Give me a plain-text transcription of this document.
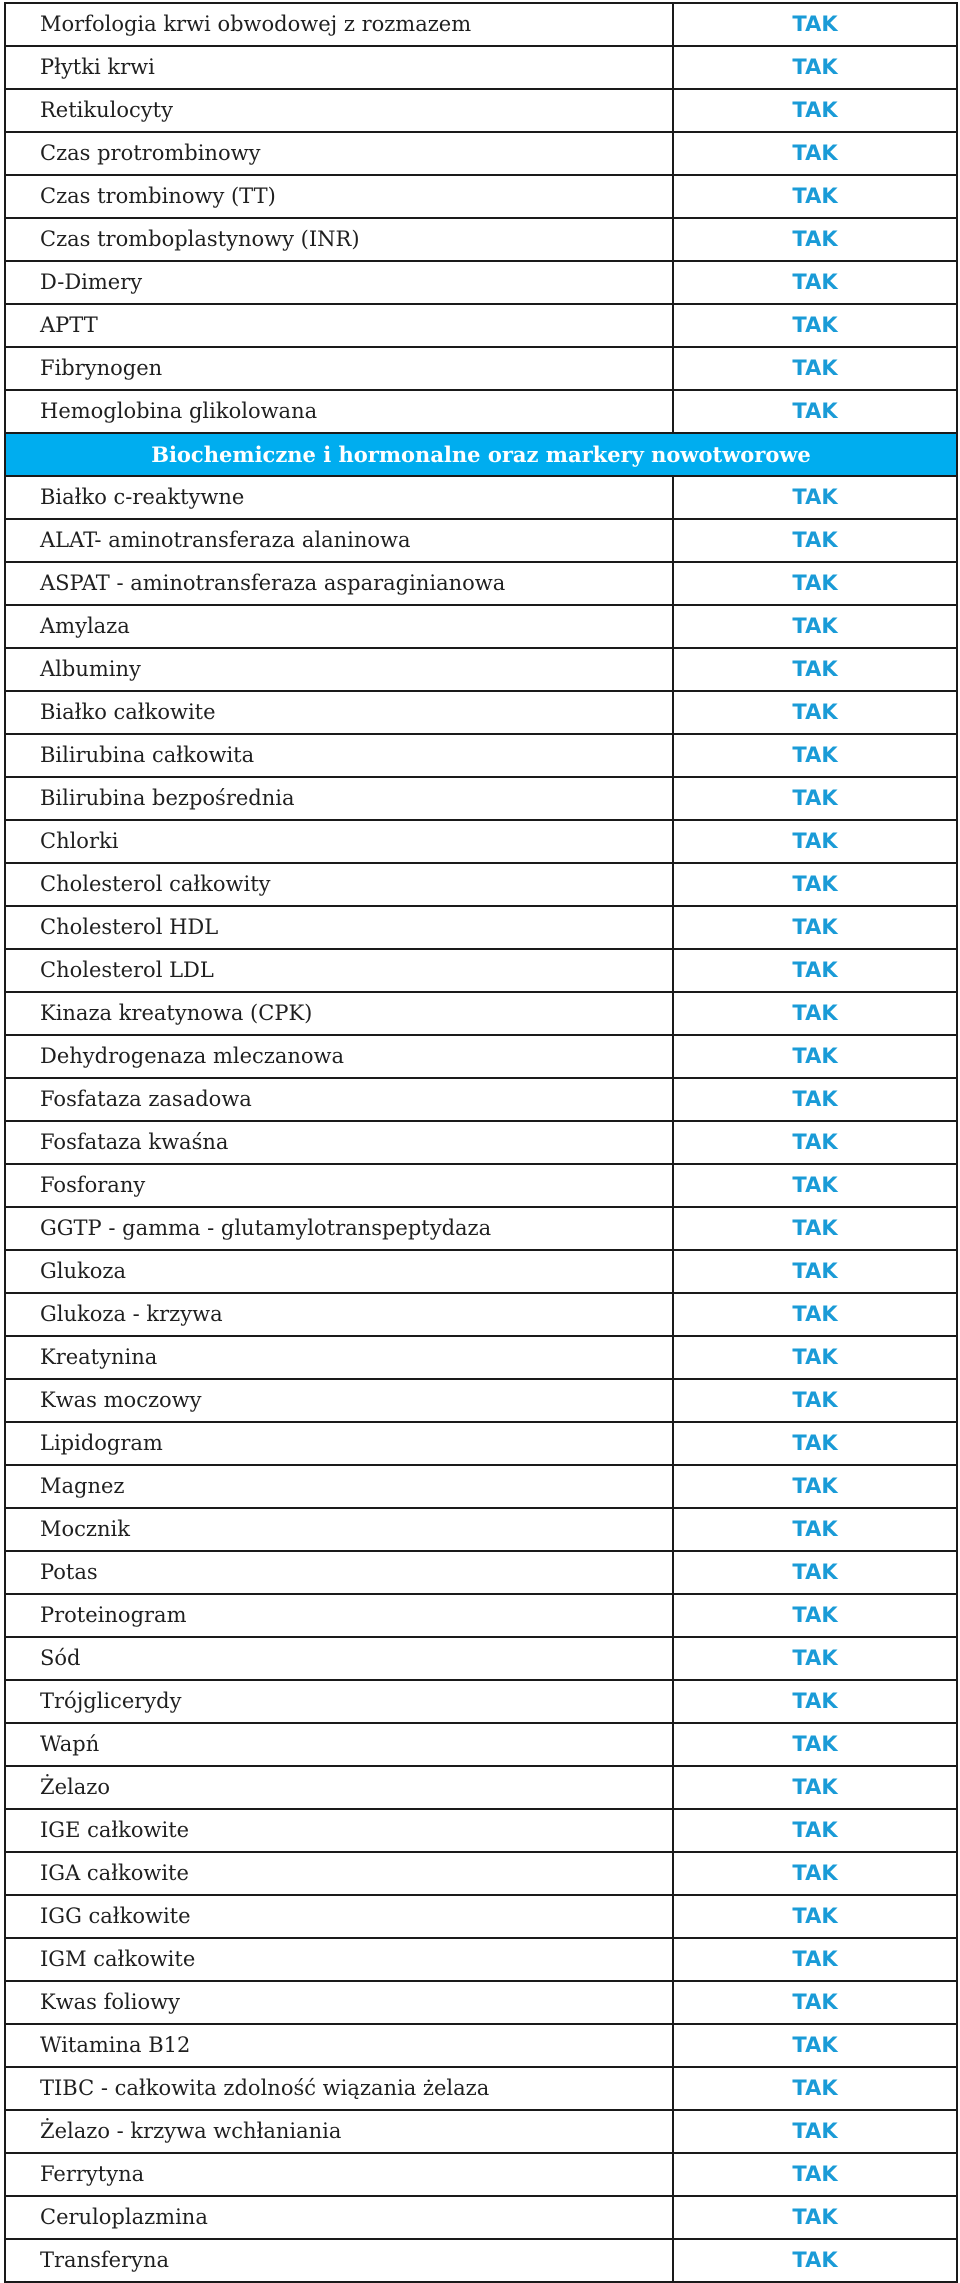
Morfologia krwi obwodowej z rozmazem	TAK
Płytki krwi	TAK
Retikulocyty	TAK
Czas protrombinowy	TAK
Czas trombinowy (TT)	TAK
Czas tromboplastynowy (INR)	TAK
D-Dimery	TAK
APTT	TAK
Fibrynogen	TAK
Hemoglobina glikolowana	TAK
Biochemiczne i hormonalne oraz markery nowotworowe
Białko c-reaktywne	TAK
ALAT- aminotransferaza alaninowa	TAK
ASPAT - aminotransferaza asparaginianowa	TAK
Amylaza	TAK
Albuminy	TAK
Białko całkowite	TAK
Bilirubina całkowita	TAK
Bilirubina bezpośrednia	TAK
Chlorki	TAK
Cholesterol całkowity	TAK
Cholesterol HDL	TAK
Cholesterol LDL	TAK
Kinaza kreatynowa (CPK)	TAK
Dehydrogenaza mleczanowa	TAK
Fosfataza zasadowa	TAK
Fosfataza kwaśna	TAK
Fosforany	TAK
GGTP - gamma - glutamylotranspeptydaza	TAK
Glukoza	TAK
Glukoza - krzywa	TAK
Kreatynina	TAK
Kwas moczowy	TAK
Lipidogram	TAK
Magnez	TAK
Mocznik	TAK
Potas	TAK
Proteinogram	TAK
Sód	TAK
Trójglicerydy	TAK
Wapń	TAK
Żelazo	TAK
IGE całkowite	TAK
IGA całkowite	TAK
IGG całkowite	TAK
IGM całkowite	TAK
Kwas foliowy	TAK
Witamina B12	TAK
TIBC - całkowita zdolność wiązania żelaza	TAK
Żelazo - krzywa wchłaniania	TAK
Ferrytyna	TAK
Ceruloplazmina	TAK
Transferyna	TAK
